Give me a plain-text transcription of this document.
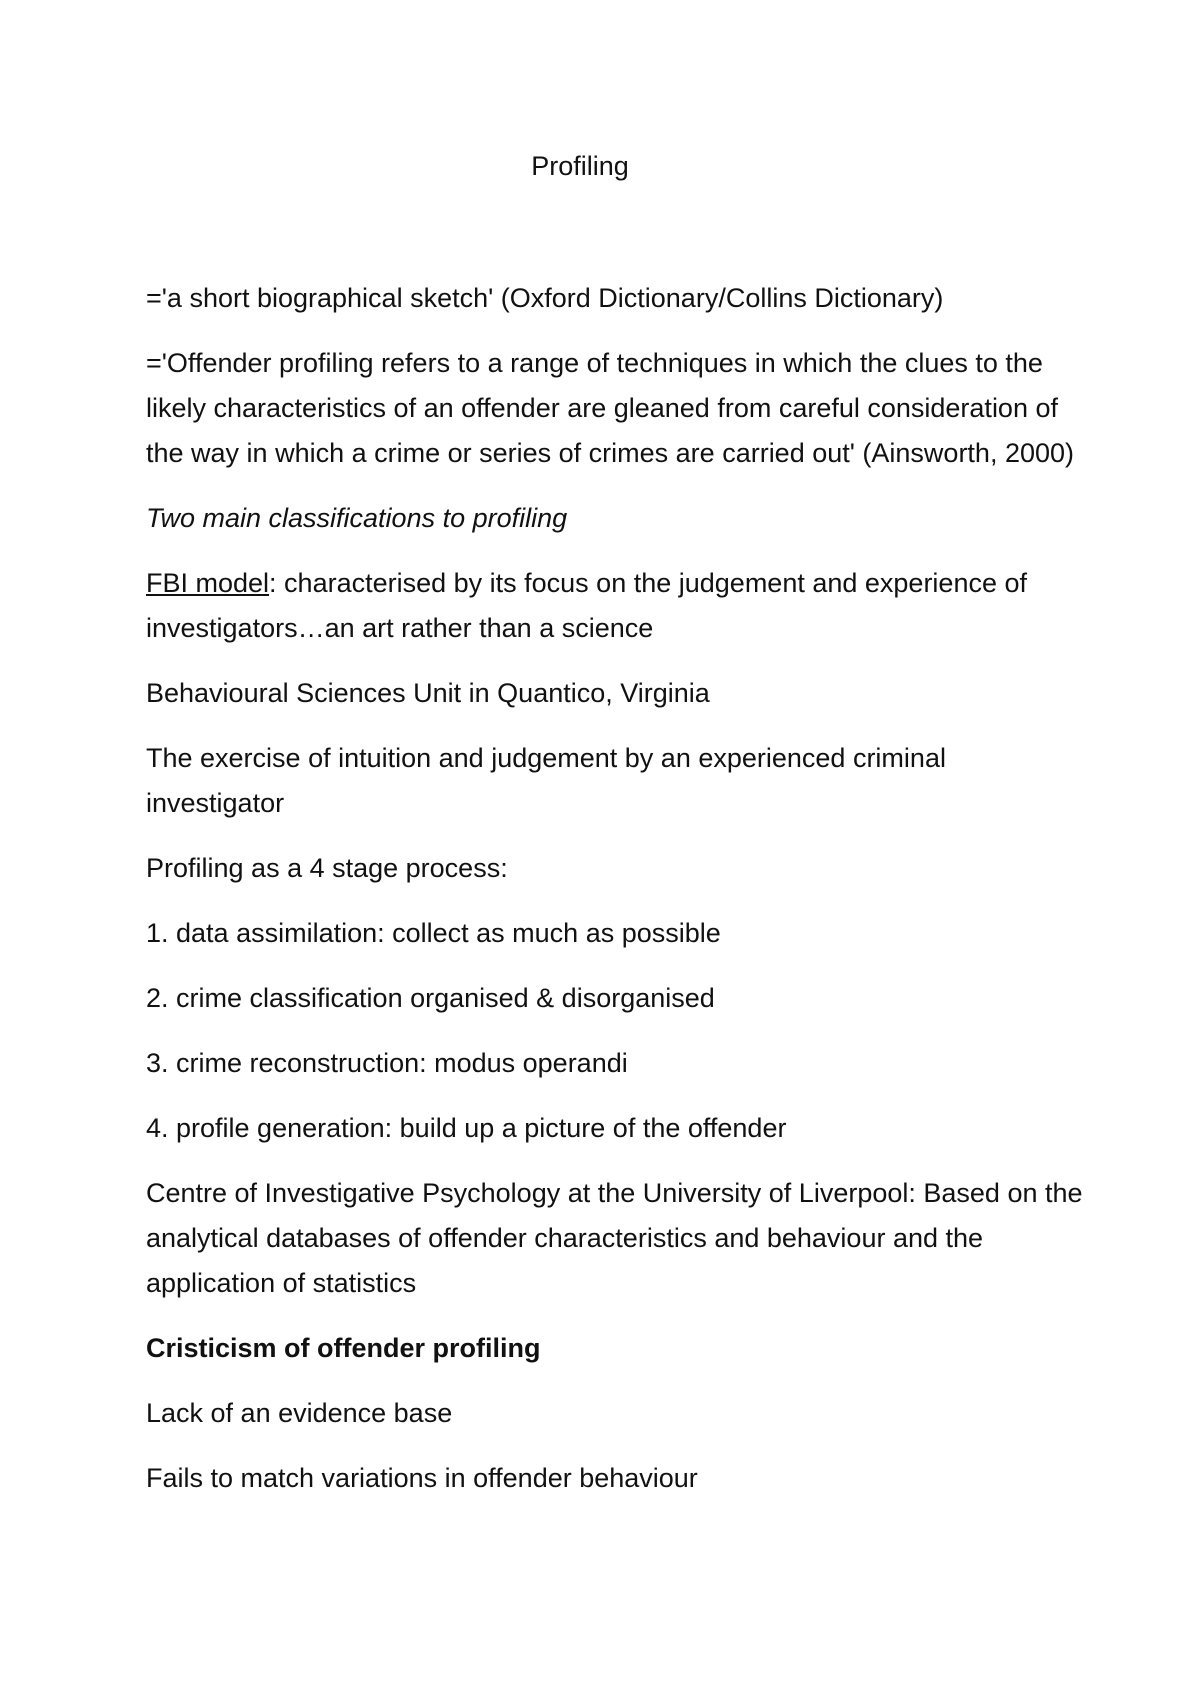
Profiling

='a short biographical sketch' (Oxford Dictionary/Collins Dictionary)

='Offender profiling refers to a range of techniques in which the clues to the likely characteristics of an offender are gleaned from careful consideration of the way in which a crime or series of crimes are carried out' (Ainsworth, 2000)

Two main classifications to profiling

FBI model: characterised by its focus on the judgement and experience of investigators…an art rather than a science

Behavioural Sciences Unit in Quantico, Virginia

The exercise of intuition and judgement by an experienced criminal investigator

Profiling as a 4 stage process:

1. data assimilation: collect as much as possible

2. crime classification organised & disorganised

3. crime reconstruction: modus operandi

4. profile generation: build up a picture of the offender

Centre of Investigative Psychology at the University of Liverpool: Based on the analytical databases of offender characteristics and behaviour and the application of statistics

Cristicism of offender profiling

Lack of an evidence base

Fails to match variations in offender behaviour
